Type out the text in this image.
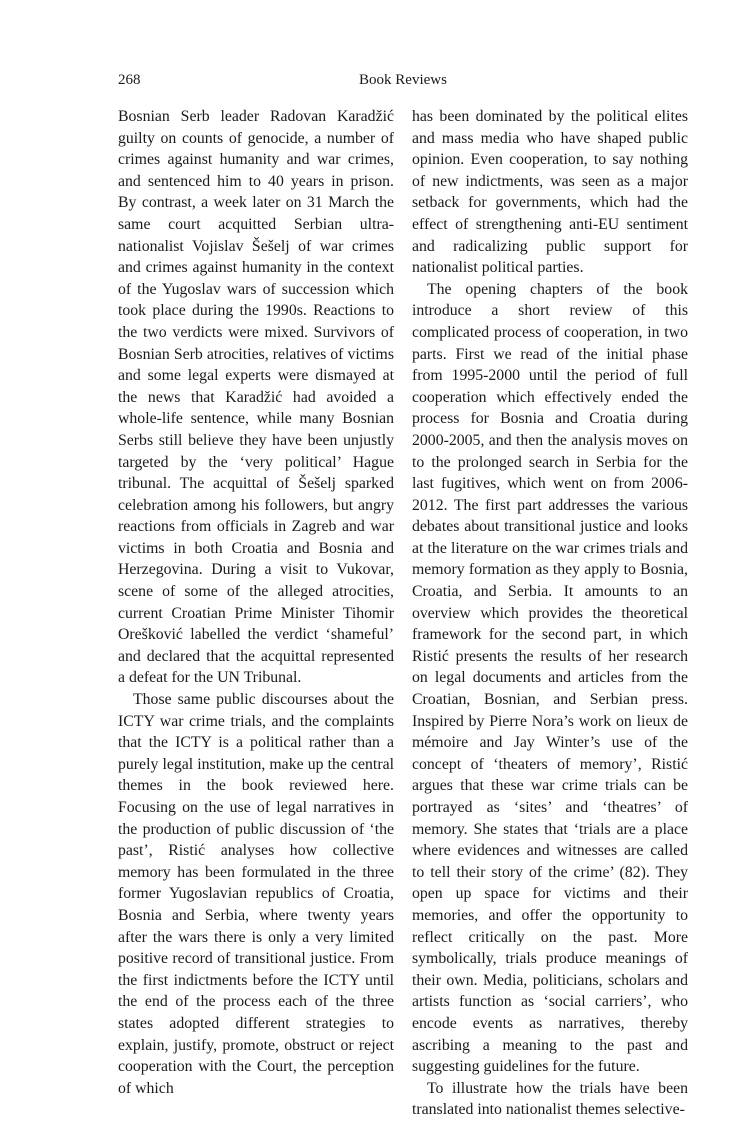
268	Book Reviews

Bosnian Serb leader Radovan Karadžić guilty on counts of genocide, a number of crimes against humanity and war crimes, and sentenced him to 40 years in prison. By contrast, a week later on 31 March the same court acquitted Serbian ultra-nationalist Vojislav Šešelj of war crimes and crimes against humanity in the context of the Yugoslav wars of succession which took place during the 1990s. Reactions to the two verdicts were mixed. Survivors of Bosnian Serb atrocities, relatives of victims and some legal experts were dismayed at the news that Karadžić had avoided a whole-life sentence, while many Bosnian Serbs still believe they have been unjustly targeted by the ‘very political’ Hague tribunal. The acquittal of Šešelj sparked celebration among his followers, but angry reactions from officials in Zagreb and war victims in both Croatia and Bosnia and Herzegovina. During a visit to Vukovar, scene of some of the alleged atrocities, current Croatian Prime Minister Tihomir Orešković labelled the verdict ‘shameful’ and declared that the acquittal represented a defeat for the UN Tribunal.

Those same public discourses about the ICTY war crime trials, and the complaints that the ICTY is a political rather than a purely legal institution, make up the central themes in the book reviewed here. Focusing on the use of legal narratives in the production of public discussion of ‘the past’, Ristić analyses how collective memory has been formulated in the three former Yugoslavian republics of Croatia, Bosnia and Serbia, where twenty years after the wars there is only a very limited positive record of transitional justice. From the first indictments before the ICTY until the end of the process each of the three states adopted different strategies to explain, justify, promote, obstruct or reject cooperation with the Court, the perception of which

has been dominated by the political elites and mass media who have shaped public opinion. Even cooperation, to say nothing of new indictments, was seen as a major setback for governments, which had the effect of strengthening anti-EU sentiment and radicalizing public support for nationalist political parties.

The opening chapters of the book introduce a short review of this complicated process of cooperation, in two parts. First we read of the initial phase from 1995-2000 until the period of full cooperation which effectively ended the process for Bosnia and Croatia during 2000-2005, and then the analysis moves on to the prolonged search in Serbia for the last fugitives, which went on from 2006-2012. The first part addresses the various debates about transitional justice and looks at the literature on the war crimes trials and memory formation as they apply to Bosnia, Croatia, and Serbia. It amounts to an overview which provides the theoretical framework for the second part, in which Ristić presents the results of her research on legal documents and articles from the Croatian, Bosnian, and Serbian press. Inspired by Pierre Nora’s work on lieux de mémoire and Jay Winter’s use of the concept of ‘theaters of memory’, Ristić argues that these war crime trials can be portrayed as ‘sites’ and ‘theatres’ of memory. She states that ‘trials are a place where evidences and witnesses are called to tell their story of the crime’ (82). They open up space for victims and their memories, and offer the opportunity to reflect critically on the past. More symbolically, trials produce meanings of their own. Media, politicians, scholars and artists function as ‘social carriers’, who encode events as narratives, thereby ascribing a meaning to the past and suggesting guidelines for the future.

To illustrate how the trials have been translated into nationalist themes selective-
